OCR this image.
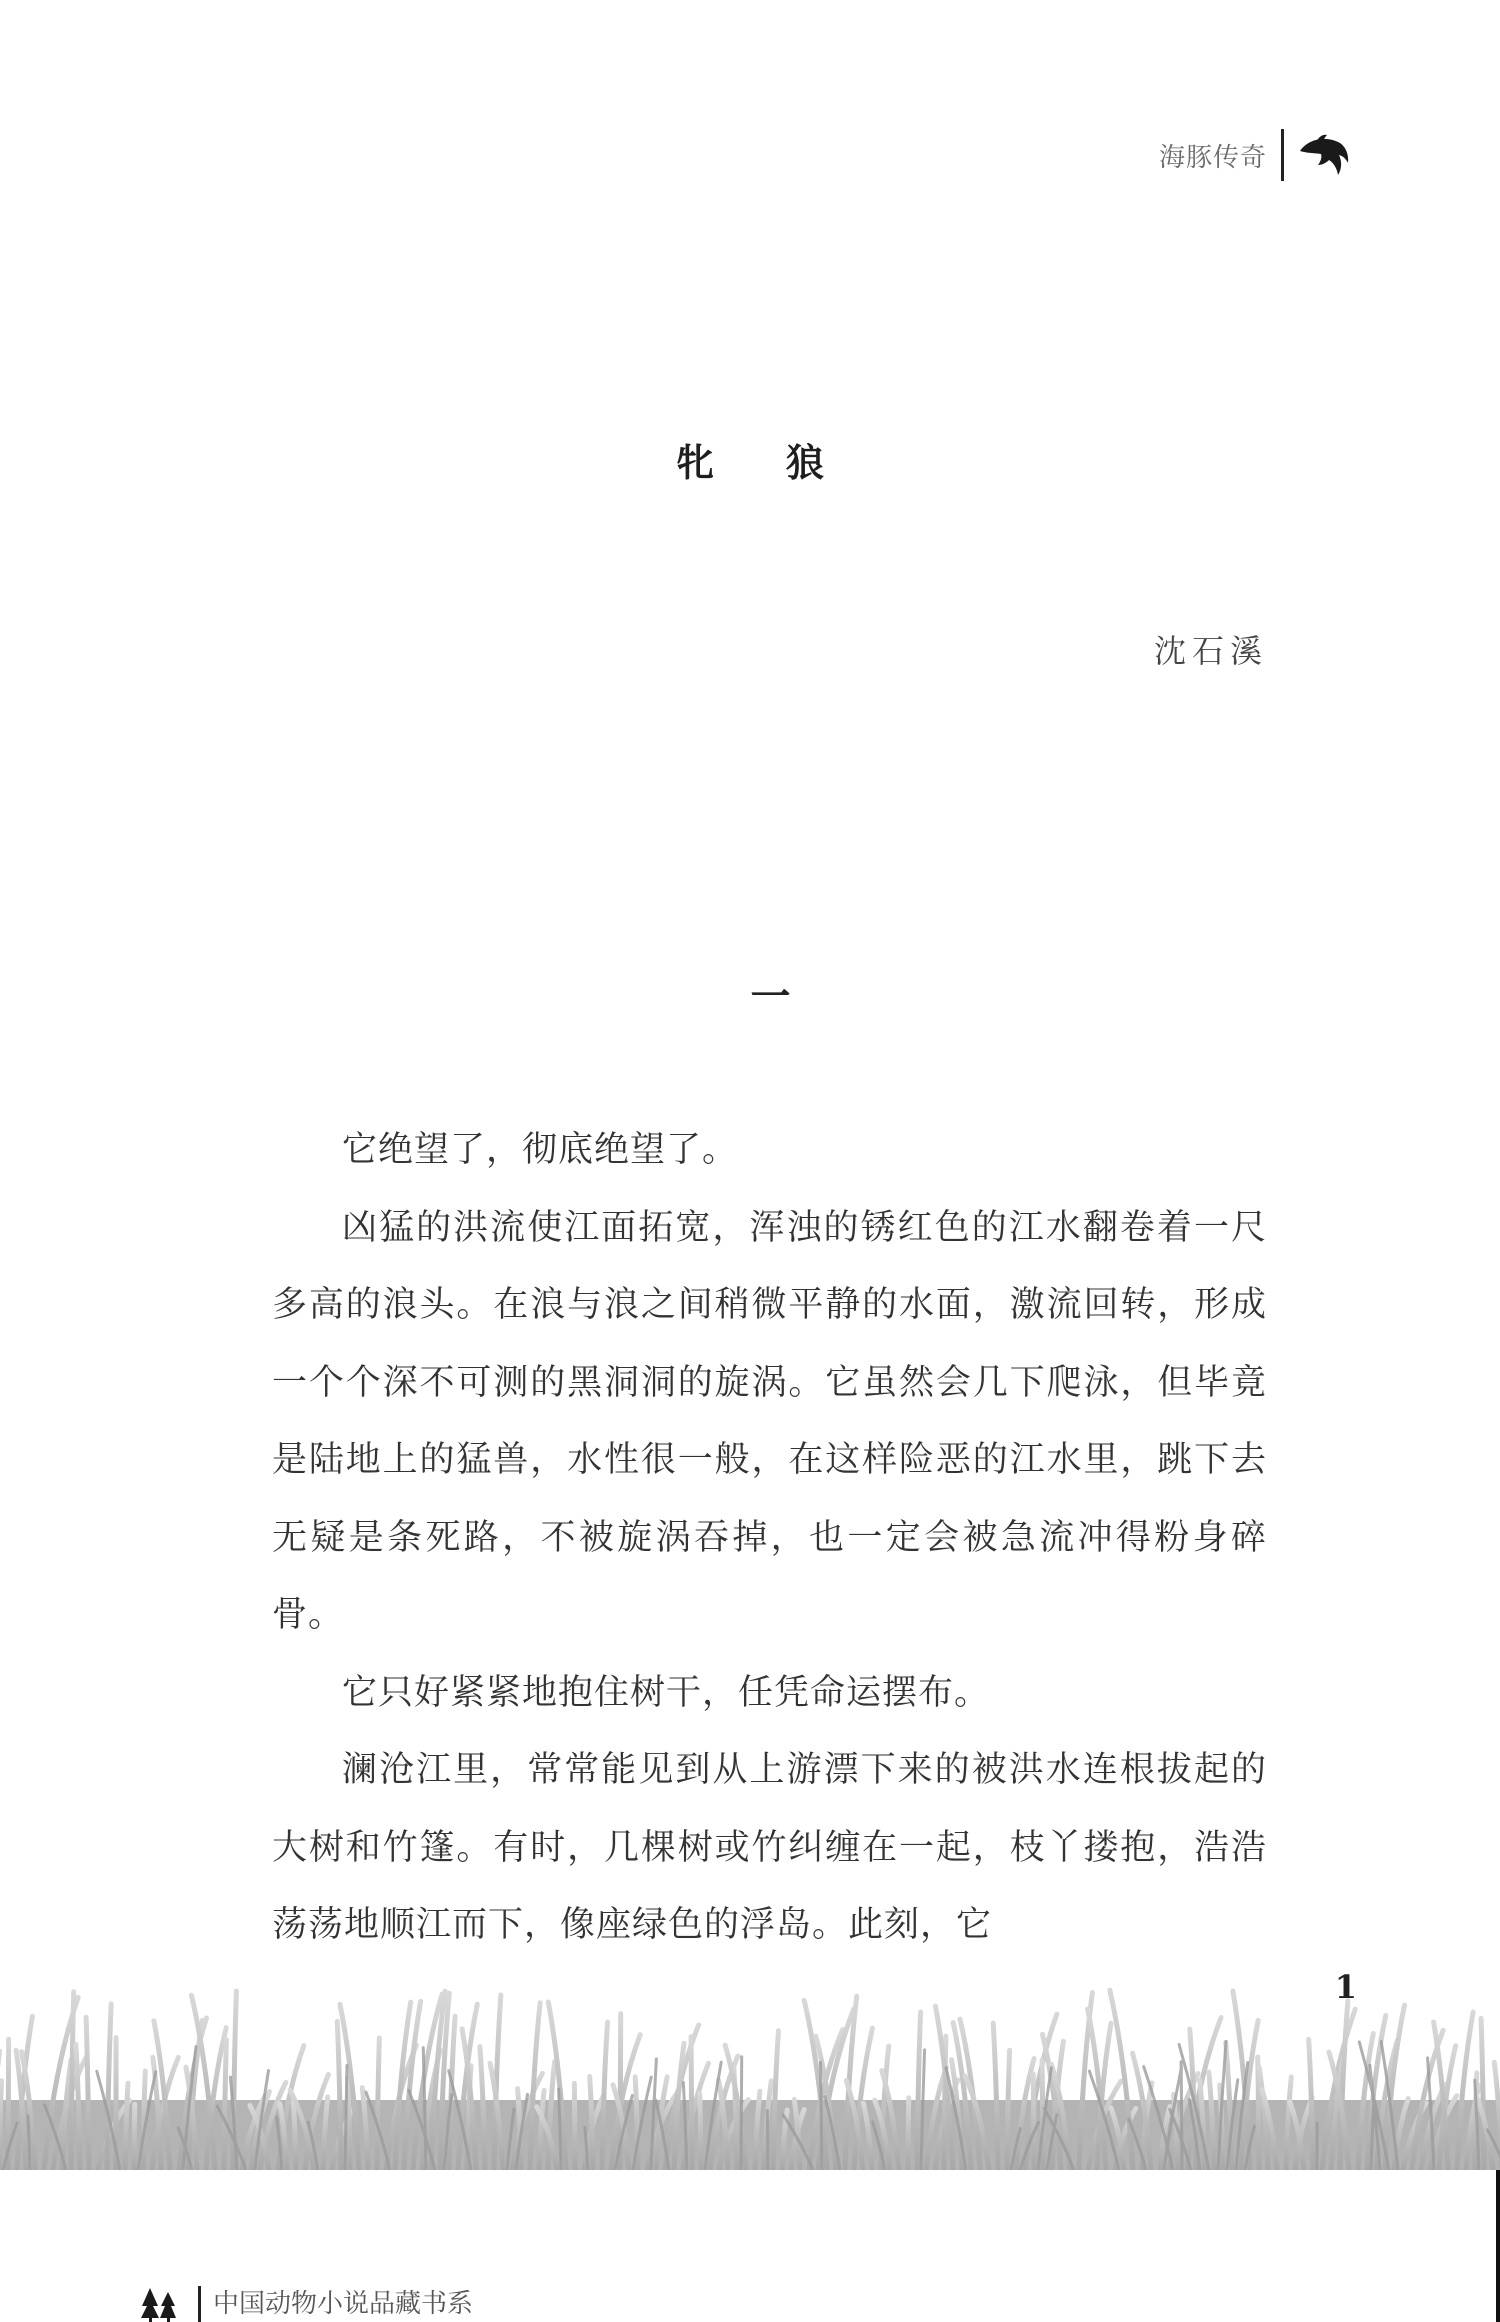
海豚传奇
牝狼
沈石溪
一

它绝望了，彻底绝望了。

凶猛的洪流使江面拓宽，浑浊的锈红色的江水翻卷着一尺多高的浪头。在浪与浪之间稍微平静的水面，激流回转，形成一个个深不可测的黑洞洞的旋涡。它虽然会几下爬泳，但毕竟是陆地上的猛兽，水性很一般，在这样险恶的江水里，跳下去无疑是条死路，不被旋涡吞掉，也一定会被急流冲得粉身碎骨。

它只好紧紧地抱住树干，任凭命运摆布。

澜沧江里，常常能见到从上游漂下来的被洪水连根拔起的大树和竹篷。有时，几棵树或竹纠缠在一起，枝丫搂抱，浩浩荡荡地顺江而下，像座绿色的浮岛。此刻，它

1
中国动物小说品藏书系
